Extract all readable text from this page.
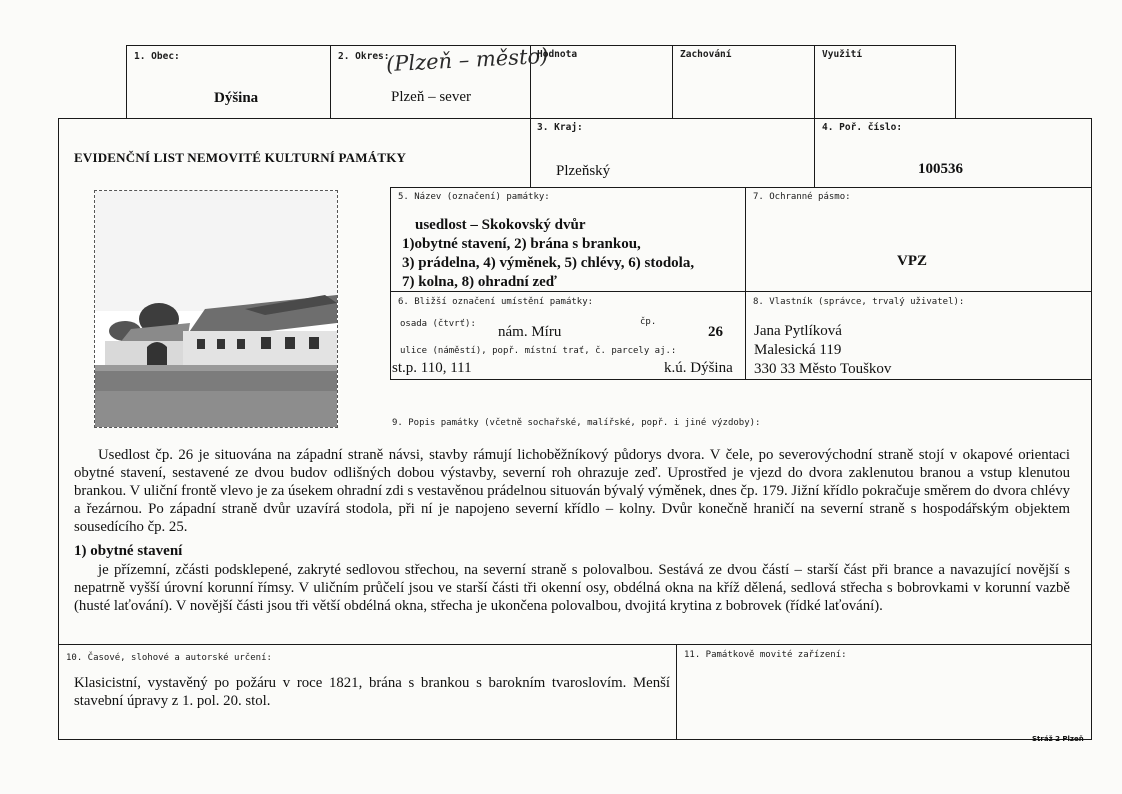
1. Obec:
Dýšina
2. Okres:
(Plzeň – město)
Plzeň – sever
Hodnota	Zachování	Využití
EVIDENČNÍ LIST NEMOVITÉ KULTURNÍ PAMÁTKY
3. Kraj:
Plzeňský
4. Poř. číslo:
100536
5. Název (označení) památky:
usedlost – Skokovský dvůr
1)obytné stavení, 2) brána s brankou,
3) prádelna, 4) výměnek, 5) chlévy, 6) stodola,
7) kolna, 8) ohradní zeď
7. Ochranné pásmo:
VPZ
6. Bližší označení umístění památky:
osada (čtvrť): nám. Míru
čp.
26
ulice (náměstí), popř. místní trať, č. parcely aj.:
st.p. 110, 111	k.ú. Dýšina
8. Vlastník (správce, trvalý uživatel):
Jana Pytlíková
Malesická 119
330 33 Město Touškov
9. Popis památky (včetně sochařské, malířské, popř. i jiné výzdoby):
Usedlost čp. 26 je situována na západní straně návsi, stavby rámují lichoběžníkový půdorys dvora. V čele, po severovýchodní straně stojí v okapové orientaci obytné stavení, sestavené ze dvou budov odlišných dobou výstavby, severní roh ohrazuje zeď. Uprostřed je vjezd do dvora zaklenutou branou a vstup klenutou brankou. V uliční frontě vlevo je za úsekem ohradní zdi s vestavěnou prádelnou situován bývalý výměnek, dnes čp. 179. Jižní křídlo pokračuje směrem do dvora chlévy a řezárnou. Po západní straně dvůr uzavírá stodola, při ní je napojeno severní křídlo – kolny. Dvůr konečně hraničí na severní straně s hospodářským objektem sousedícího čp. 25.
1) obytné stavení
je přízemní, zčásti podsklepené, zakryté sedlovou střechou, na severní straně s polovalbou. Sestává ze dvou částí – starší část při brance a navazující novější s nepatrně vyšší úrovní korunní římsy. V uličním průčelí jsou ve starší části tři okenní osy, obdélná okna na kříž dělená, sedlová střecha s bobrovkami v korunní vazbě (husté laťování). V novější části jsou tři větší obdélná okna, střecha je ukončena polovalbou, dvojitá krytina z bobrovek (řídké laťování).
10. Časové, slohové a autorské určení:
Klasicistní, vystavěný po požáru v roce 1821, brána s brankou s barokním tvaroslovím. Menší stavební úpravy z 1. pol. 20. stol.
11. Památkově movité zařízení:
Stráž 2 Plzeň
